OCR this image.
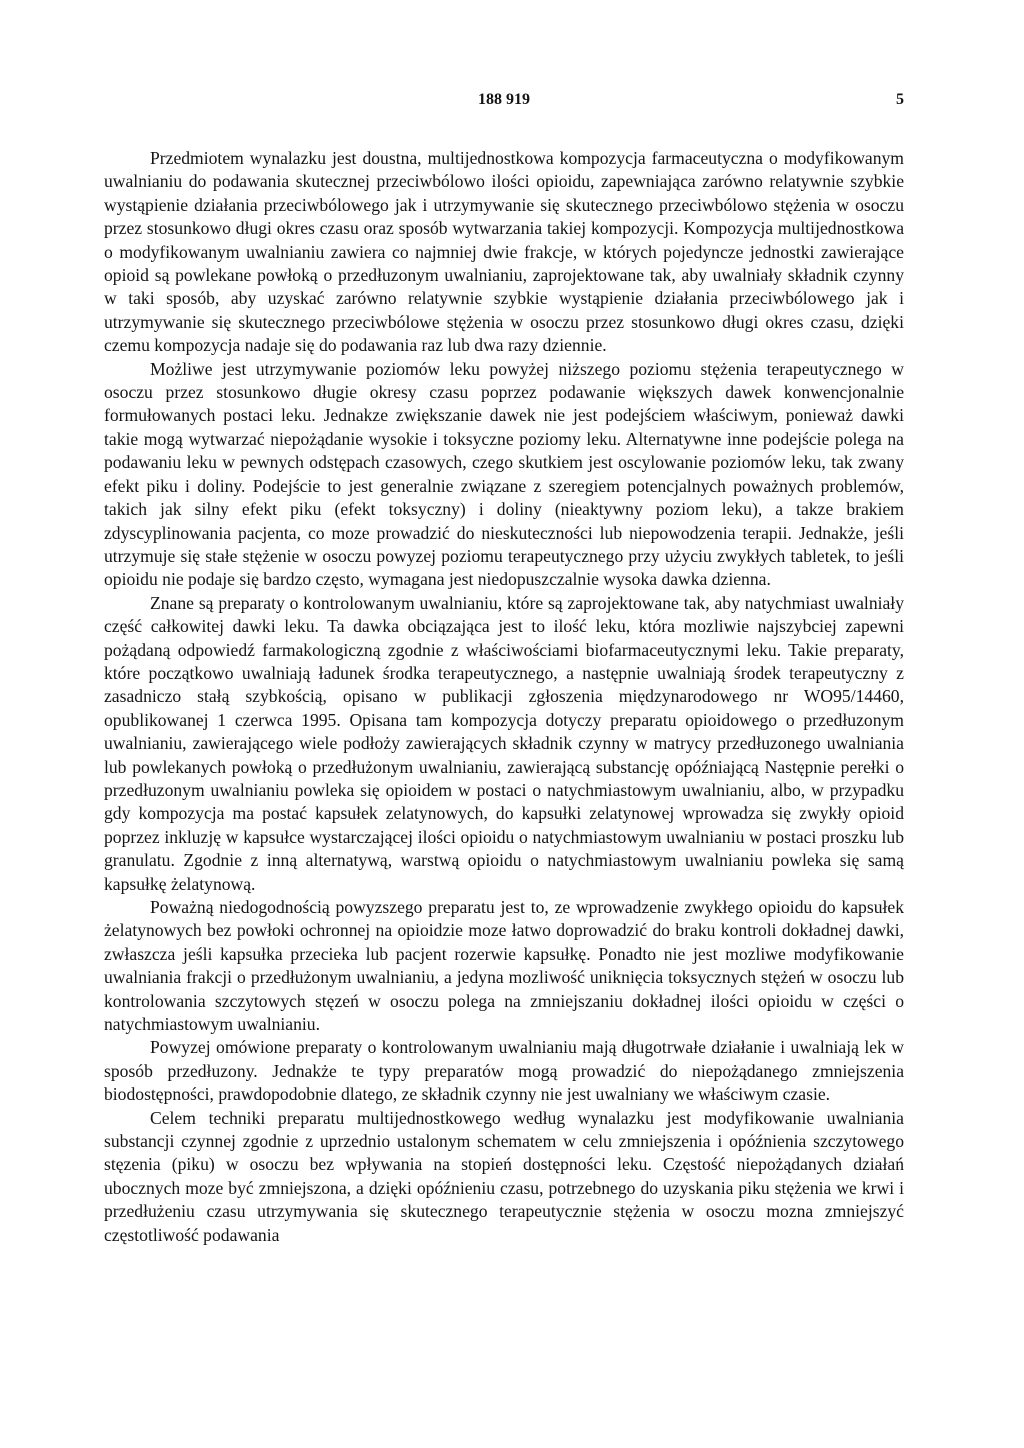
188 919	5

Przedmiotem wynalazku jest doustna, multijednostkowa kompozycja farmaceutyczna o modyfikowanym uwalnianiu do podawania skutecznej przeciwbólowo ilości opioidu, zapewniająca zarówno relatywnie szybkie wystąpienie działania przeciwbólowego jak i utrzymywanie się skutecznego przeciwbólowo stężenia w osoczu przez stosunkowo długi okres czasu oraz sposób wytwarzania takiej kompozycji. Kompozycja multijednostkowa o modyfikowanym uwalnianiu zawiera co najmniej dwie frakcje, w których pojedyncze jednostki zawierające opioid są powlekane powłoką o przedłuzonym uwalnianiu, zaprojektowane tak, aby uwalniały składnik czynny w taki sposób, aby uzyskać zarówno relatywnie szybkie wystąpienie działania przeciwbólowego jak i utrzymywanie się skutecznego przeciwbólowe stężenia w osoczu przez stosunkowo długi okres czasu, dzięki czemu kompozycja nadaje się do podawania raz lub dwa razy dziennie.

Możliwe jest utrzymywanie poziomów leku powyżej niższego poziomu stężenia terapeutycznego w osoczu przez stosunkowo długie okresy czasu poprzez podawanie większych dawek konwencjonalnie formułowanych postaci leku. Jednakze zwiększanie dawek nie jest podejściem właściwym, ponieważ dawki takie mogą wytwarzać niepożądanie wysokie i toksyczne poziomy leku. Alternatywne inne podejście polega na podawaniu leku w pewnych odstępach czasowych, czego skutkiem jest oscylowanie poziomów leku, tak zwany efekt piku i doliny. Podejście to jest generalnie związane z szeregiem potencjalnych poważnych problemów, takich jak silny efekt piku (efekt toksyczny) i doliny (nieaktywny poziom leku), a takze brakiem zdyscyplinowania pacjenta, co moze prowadzić do nieskuteczności lub niepowodzenia terapii. Jednakże, jeśli utrzymuje się stałe stężenie w osoczu powyzej poziomu terapeutycznego przy użyciu zwykłych tabletek, to jeśli opioidu nie podaje się bardzo często, wymagana jest niedopuszczalnie wysoka dawka dzienna.

Znane są preparaty o kontrolowanym uwalnianiu, które są zaprojektowane tak, aby natychmiast uwalniały część całkowitej dawki leku. Ta dawka obciązająca jest to ilość leku, która mozliwie najszybciej zapewni pożądaną odpowiedź farmakologiczną zgodnie z właściwościami biofarmaceutycznymi leku. Takie preparaty, które początkowo uwalniają ładunek środka terapeutycznego, a następnie uwalniają środek terapeutyczny z zasadniczo stałą szybkością, opisano w publikacji zgłoszenia międzynarodowego nr WO95/14460, opublikowanej 1 czerwca 1995. Opisana tam kompozycja dotyczy preparatu opioidowego o przedłuzonym uwalnianiu, zawierającego wiele podłoży zawierających składnik czynny w matrycy przedłuzonego uwalniania lub powlekanych powłoką o przedłużonym uwalnianiu, zawierającą substancję opóźniającą Następnie perełki o przedłuzonym uwalnianiu powleka się opioidem w postaci o natychmiastowym uwalnianiu, albo, w przypadku gdy kompozycja ma postać kapsułek zelatynowych, do kapsułki zelatynowej wprowadza się zwykły opioid poprzez inkluzję w kapsułce wystarczającej ilości opioidu o natychmiastowym uwalnianiu w postaci proszku lub granulatu. Zgodnie z inną alternatywą, warstwą opioidu o natychmiastowym uwalnianiu powleka się samą kapsułkę żelatynową.

Poważną niedogodnością powyzszego preparatu jest to, ze wprowadzenie zwykłego opioidu do kapsułek żelatynowych bez powłoki ochronnej na opioidzie moze łatwo doprowadzić do braku kontroli dokładnej dawki, zwłaszcza jeśli kapsułka przecieka lub pacjent rozerwie kapsułkę. Ponadto nie jest mozliwe modyfikowanie uwalniania frakcji o przedłużonym uwalnianiu, a jedyna mozliwość uniknięcia toksycznych stężeń w osoczu lub kontrolowania szczytowych stęzeń w osoczu polega na zmniejszaniu dokładnej ilości opioidu w części o natychmiastowym uwalnianiu.

Powyzej omówione preparaty o kontrolowanym uwalnianiu mają długotrwałe działanie i uwalniają lek w sposób przedłuzony. Jednakże te typy preparatów mogą prowadzić do niepożądanego zmniejszenia biodostępności, prawdopodobnie dlatego, ze składnik czynny nie jest uwalniany we właściwym czasie.

Celem techniki preparatu multijednostkowego według wynalazku jest modyfikowanie uwalniania substancji czynnej zgodnie z uprzednio ustalonym schematem w celu zmniejszenia i opóźnienia szczytowego stęzenia (piku) w osoczu bez wpływania na stopień dostępności leku. Częstość niepożądanych działań ubocznych moze być zmniejszona, a dzięki opóźnieniu czasu, potrzebnego do uzyskania piku stężenia we krwi i przedłużeniu czasu utrzymywania się skutecznego terapeutycznie stężenia w osoczu mozna zmniejszyć częstotliwość podawania
